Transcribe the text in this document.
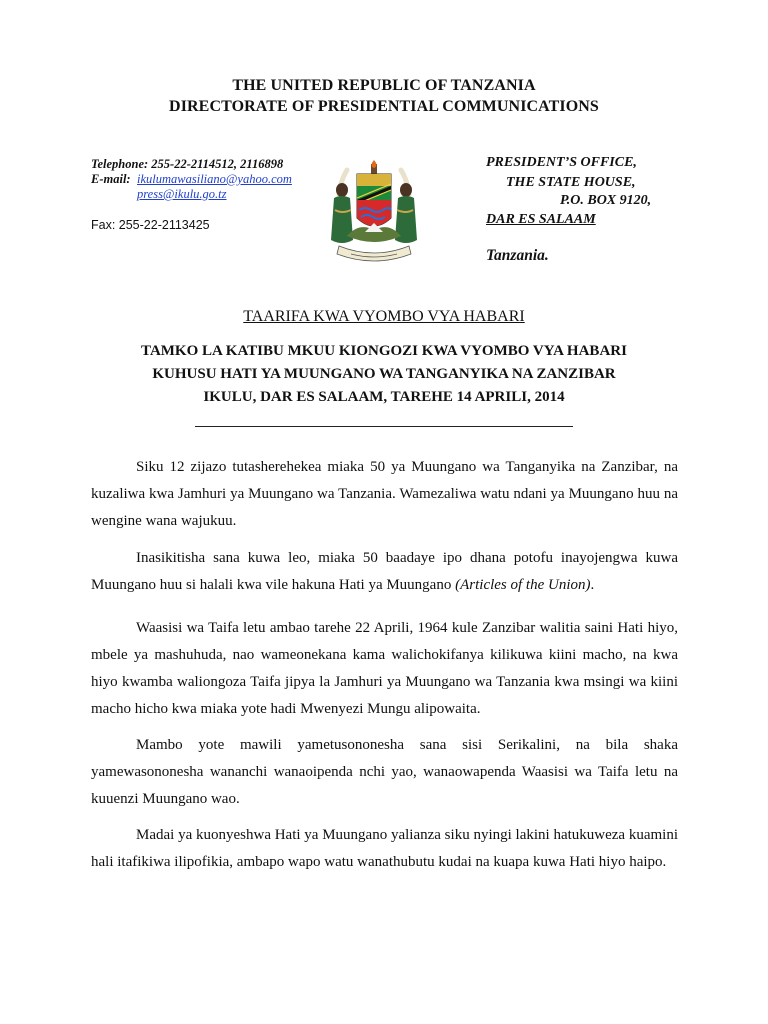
THE UNITED REPUBLIC OF TANZANIA
DIRECTORATE OF PRESIDENTIAL COMMUNICATIONS
Telephone: 255-22-2114512, 2116898
E-mail: ikulumawasiliano@yahoo.com
press@ikulu.go.tz
Fax: 255-22-2113425
PRESIDENT’S OFFICE,
THE STATE HOUSE,
P.O. BOX 9120,
DAR ES SALAAM
Tanzania.
TAARIFA KWA VYOMBO VYA HABARI
TAMKO LA KATIBU MKUU KIONGOZI KWA VYOMBO VYA HABARI
KUHUSU HATI YA MUUNGANO WA TANGANYIKA NA ZANZIBAR
IKULU, DAR ES SALAAM, TAREHE 14 APRILI, 2014

Siku 12 zijazo tutasherehekea miaka 50 ya Muungano wa Tanganyika na Zanzibar, na kuzaliwa kwa Jamhuri ya Muungano wa Tanzania. Wamezaliwa watu ndani ya Muungano huu na wengine wana wajukuu.

Inasikitisha sana kuwa leo, miaka 50 baadaye ipo dhana potofu inayojengwa kuwa Muungano huu si halali kwa vile hakuna Hati ya Muungano (Articles of the Union).

Waasisi wa Taifa letu ambao tarehe 22 Aprili, 1964 kule Zanzibar walitia saini Hati hiyo, mbele ya mashuhuda, nao wameonekana kama walichokifanya kilikuwa kiini macho, na kwa hiyo kwamba waliongoza Taifa jipya la Jamhuri ya Muungano wa Tanzania kwa msingi wa kiini macho hicho kwa miaka yote hadi Mwenyezi Mungu alipowaita.

Mambo yote mawili yametusononesha sana sisi Serikalini, na bila shaka yamewasononesha wananchi wanaoipenda nchi yao, wanaowapenda Waasisi wa Taifa letu na kuuenzi Muungano wao.

Madai ya kuonyeshwa Hati ya Muungano yalianza siku nyingi lakini hatukuweza kuamini hali itafikiwa ilipofikia, ambapo wapo watu wanathubutu kudai na kuapa kuwa Hati hiyo haipo.
